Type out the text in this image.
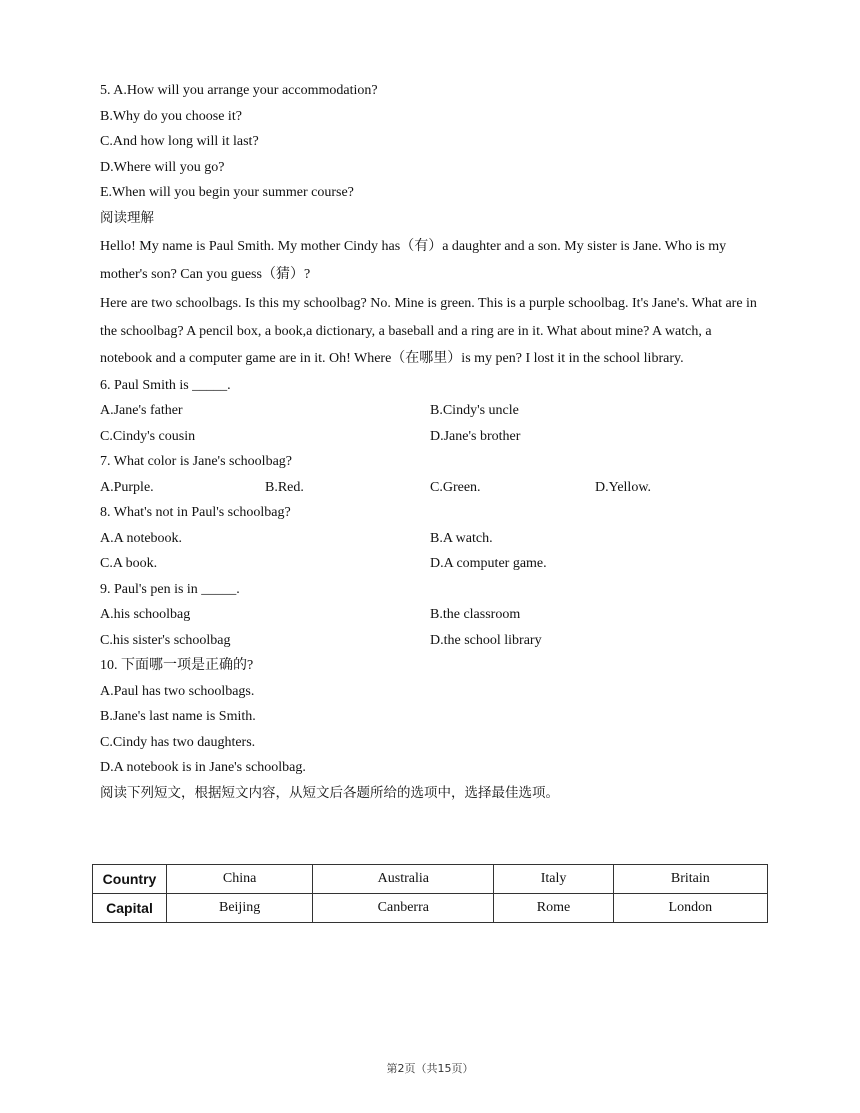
5. A.How will you arrange your accommodation?
B.Why do you choose it?
C.And how long will it last?
D.Where will you go?
E.When will you begin your summer course?
阅读理解
Hello! My name is Paul Smith. My mother Cindy has（有）a daughter and a son. My sister is Jane. Who is my mother's son? Can you guess（猜）?
Here are two schoolbags. Is this my schoolbag? No. Mine is green. This is a purple schoolbag. It's Jane's. What are in the schoolbag? A pencil box, a book,a dictionary, a baseball and a ring are in it. What about mine? A watch, a notebook and a computer game are in it. Oh! Where（在哪里）is my pen? I lost it in the school library.
6. Paul Smith is _____.
A.Jane's father	B.Cindy's uncle
C.Cindy's cousin	D.Jane's brother
7. What color is Jane's schoolbag?
A.Purple.	B.Red.	C.Green.	D.Yellow.
8. What's not in Paul's schoolbag?
A.A notebook.	B.A watch.
C.A book.	D.A computer game.
9. Paul's pen is in _____.
A.his schoolbag	B.the classroom
C.his sister's schoolbag	D.the school library
10. 下面哪一项是正确的?
A.Paul has two schoolbags.
B.Jane's last name is Smith.
C.Cindy has two daughters.
D.A notebook is in Jane's schoolbag.
阅读下列短文，根据短文内容，从短文后各题所给的选项中，选择最佳选项。
Country	China	Australia	Italy	Britain
Capital	Beijing	Canberra	Rome	London
第2页（共15页）
